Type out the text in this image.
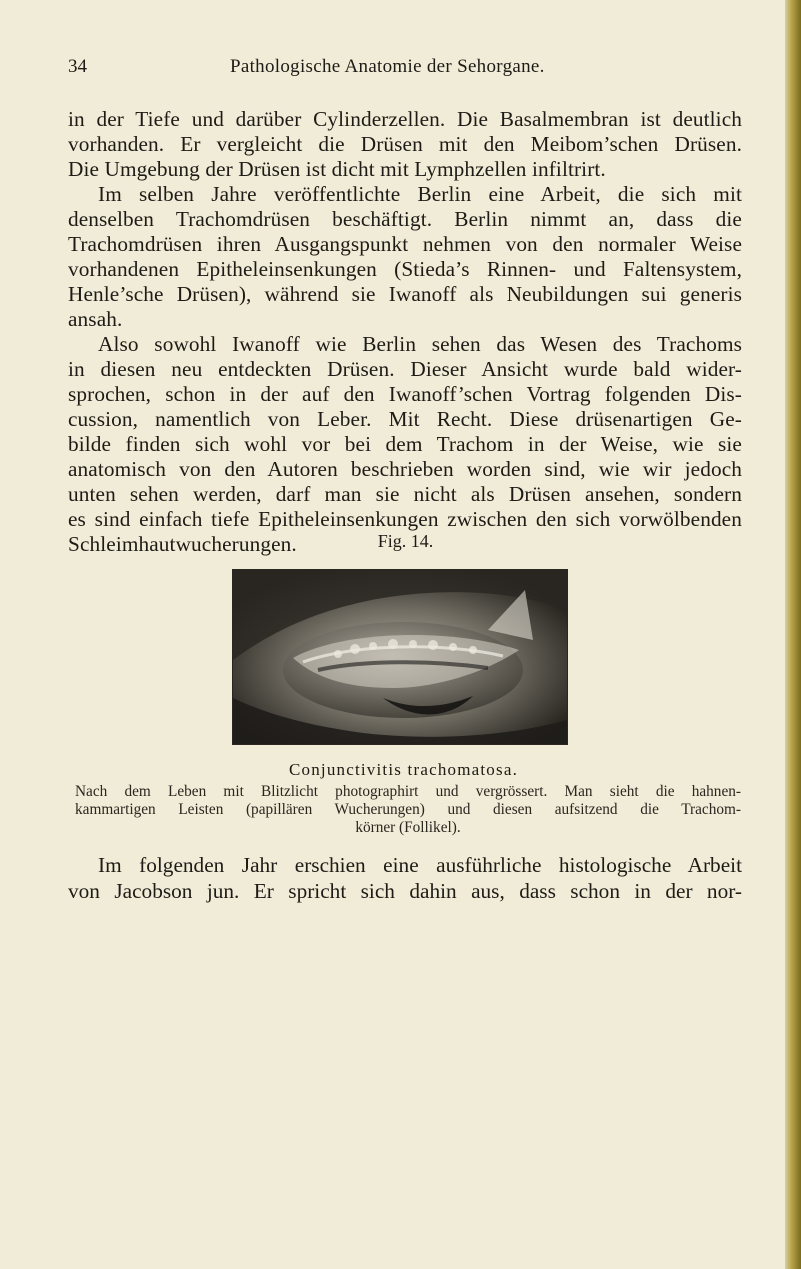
34	Pathologische Anatomie der Sehorgane.
in der Tiefe und darüber Cylinderzellen. Die Basalmembran ist deutlich
vorhanden. Er vergleicht die Drüsen mit den Meibom’schen Drüsen.
Die Umgebung der Drüsen ist dicht mit Lymphzellen infiltrirt.
Im selben Jahre veröffentlichte Berlin eine Arbeit, die sich mit
denselben Trachomdrüsen beschäftigt. Berlin nimmt an, dass die
Trachomdrüsen ihren Ausgangspunkt nehmen von den normaler Weise
vorhandenen Epitheleinsenkungen (Stieda’s Rinnen- und Faltensystem,
Henle’sche Drüsen), während sie Iwanoff als Neubildungen sui generis
ansah.
Also sowohl Iwanoff wie Berlin sehen das Wesen des Trachoms
in diesen neu entdeckten Drüsen. Dieser Ansicht wurde bald wider-
sprochen, schon in der auf den Iwanoff’schen Vortrag folgenden Dis-
cussion, namentlich von Leber. Mit Recht. Diese drüsenartigen Ge-
bilde finden sich wohl vor bei dem Trachom in der Weise, wie sie
anatomisch von den Autoren beschrieben worden sind, wie wir jedoch
unten sehen werden, darf man sie nicht als Drüsen ansehen, sondern
es sind einfach tiefe Epitheleinsenkungen zwischen den sich vorwölbenden
Schleimhautwucherungen.	Fig. 14.
Conjunctivitis trachomatosa.
Nach dem Leben mit Blitzlicht photographirt und vergrössert. Man sieht die hahnen-
kammartigen Leisten (papillären Wucherungen) und diesen aufsitzend die Trachom-
körner (Follikel).
Im folgenden Jahr erschien eine ausführliche histologische Arbeit
von Jacobson jun. Er spricht sich dahin aus, dass schon in der nor-
